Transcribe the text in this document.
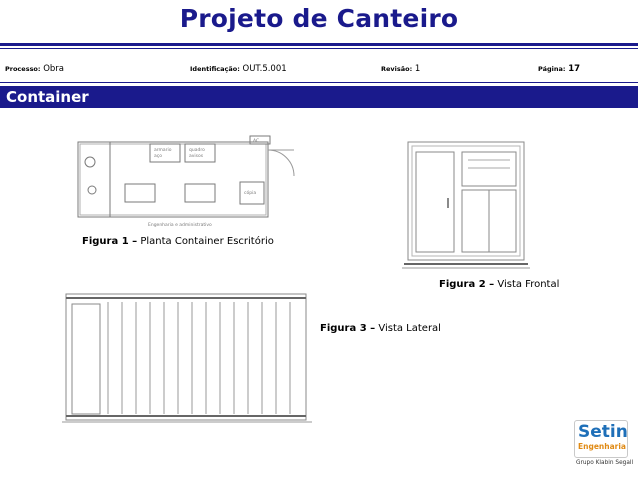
Projeto de Canteiro
Processo: Obra	Identificação: OUT.5.001	Revisão: 1	Página: 17
Container
AC
armario
aço
quadro
avisos
cópia
Engenharia e administrativo
Figura 1 – Planta Container Escritório
Figura 2 – Vista Frontal
Figura 3 – Vista Lateral
Setin
Engenharia
Grupo Klabin Segall
